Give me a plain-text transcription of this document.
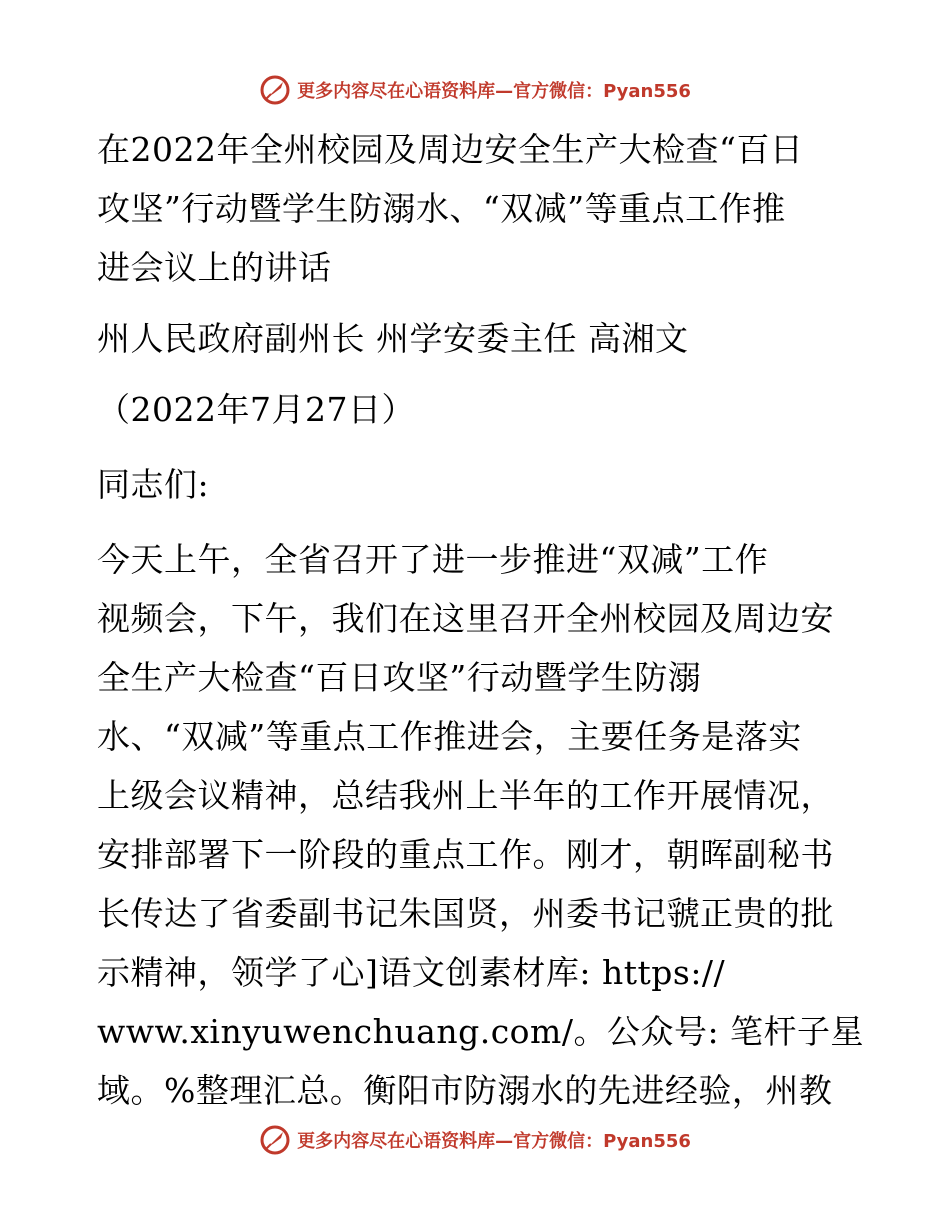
更多内容尽在心语资料库—官方微信：Pyan556
在2022年全州校园及周边安全生产大检查“百日
攻坚”行动暨学生防溺水、“双减”等重点工作推
进会议上的讲话
州人民政府副州长 州学安委主任 高湘文
（2022年7月27日）
同志们:
今天上午，全省召开了进一步推进“双减”工作
视频会，下午，我们在这里召开全州校园及周边安
全生产大检查“百日攻坚”行动暨学生防溺
水、“双减”等重点工作推进会，主要任务是落实
上级会议精神，总结我州上半年的工作开展情况，
安排部署下一阶段的重点工作。刚才，朝晖副秘书
长传达了省委副书记朱国贤，州委书记虢正贵的批
示精神，领学了心]语文创素材库: https://
www.xinyuwenchuang.com/。公众号: 笔杆子星
域。%整理汇总。衡阳市防溺水的先进经验，州教
更多内容尽在心语资料库—官方微信：Pyan556
